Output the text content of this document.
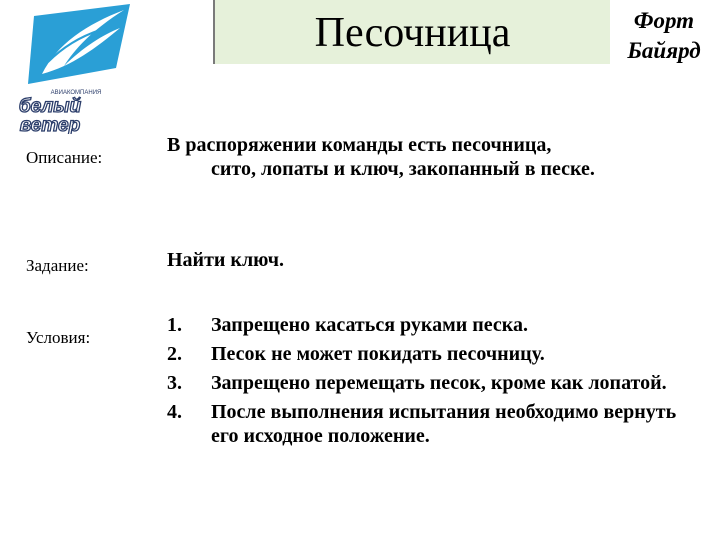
АВИАКОМПАНИЯ
белый
ветер
Песочница	Форт
Байярд
Описание:
В распоряжении команды есть песочница,
сито, лопаты и ключ, закопанный в песке.
Задание:	Найти ключ.
Условия:
1. Запрещено касаться руками песка.
2. Песок не может покидать песочницу.
3. Запрещено перемещать песок, кроме как лопатой.
4. После выполнения испытания необходимо вернуть его исходное положение.
